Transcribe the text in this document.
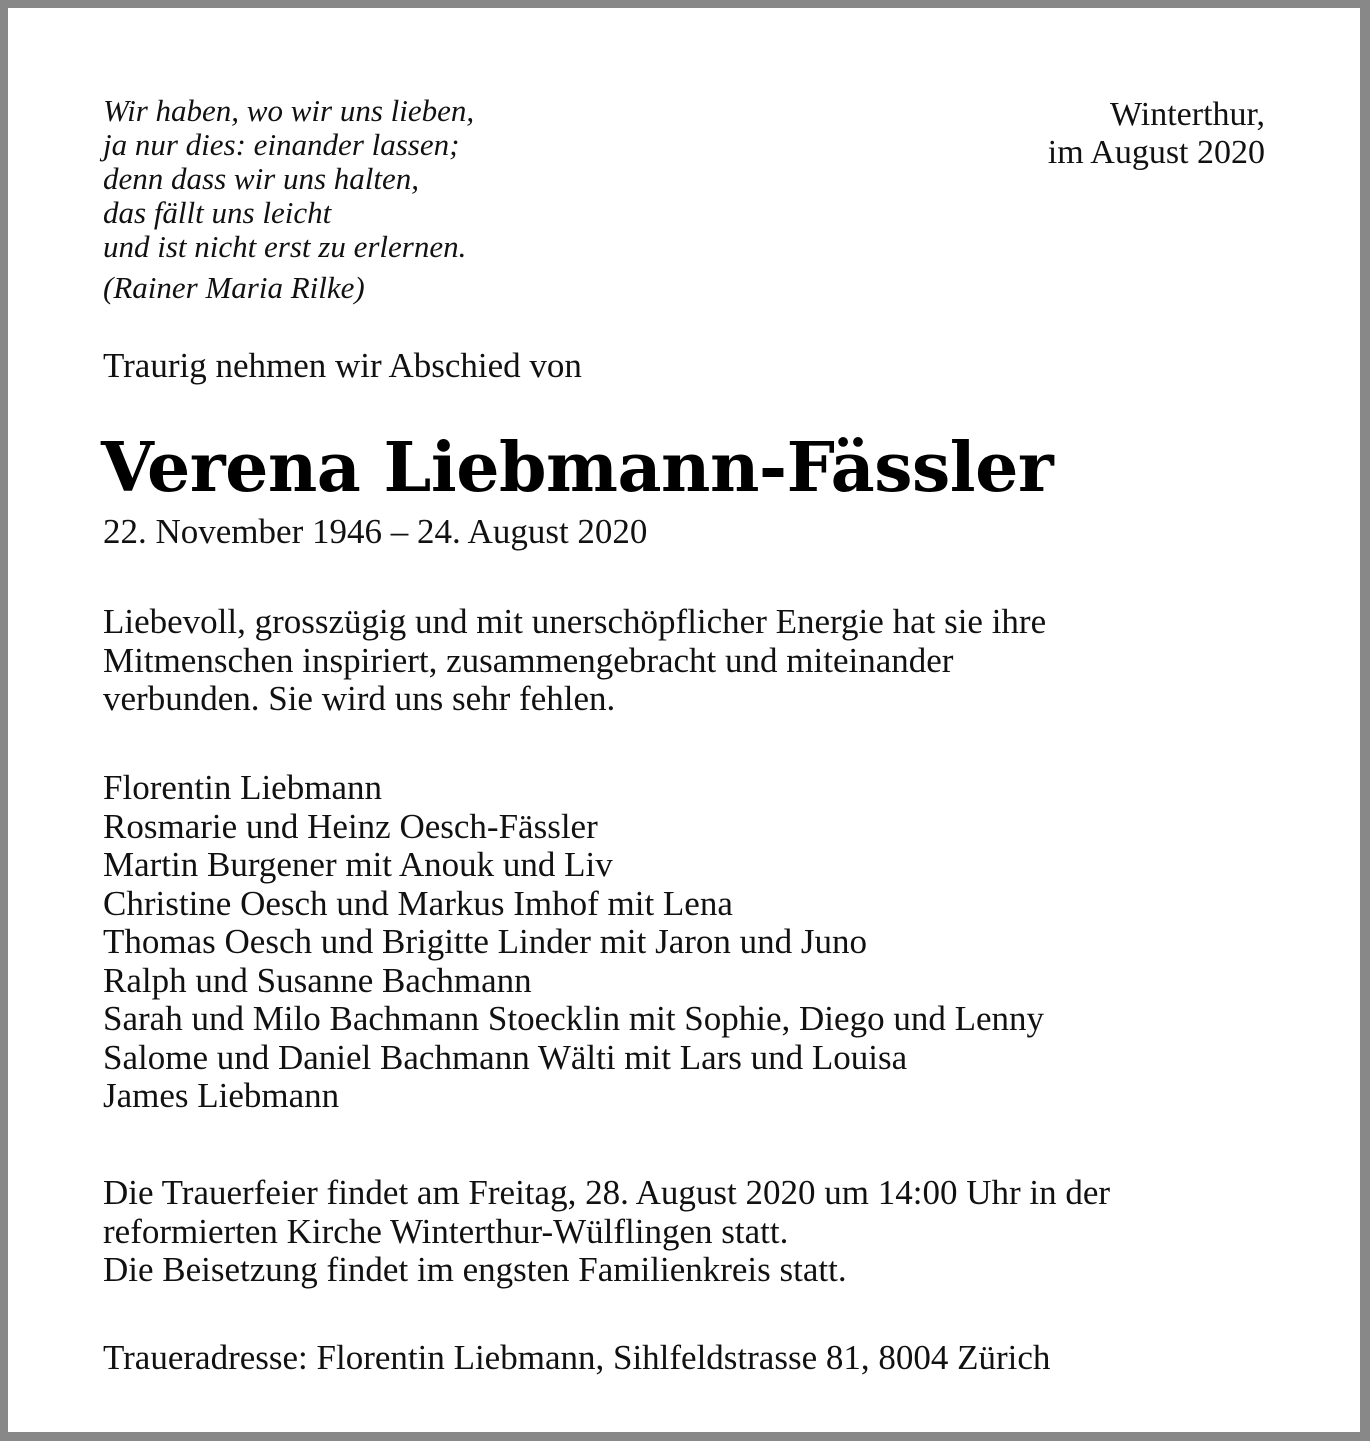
Wir haben, wo wir uns lieben,
ja nur dies: einander lassen;
denn dass wir uns halten,
das fällt uns leicht
und ist nicht erst zu erlernen.
(Rainer Maria Rilke)
Winterthur,
im August 2020
Traurig nehmen wir Abschied von
Verena Liebmann-Fässler
22. November 1946 – 24. August 2020
Liebevoll, grosszügig und mit unerschöpflicher Energie hat sie ihre
Mitmenschen inspiriert, zusammengebracht und miteinander
verbunden. Sie wird uns sehr fehlen.
Florentin Liebmann
Rosmarie und Heinz Oesch-Fässler
Martin Burgener mit Anouk und Liv
Christine Oesch und Markus Imhof mit Lena
Thomas Oesch und Brigitte Linder mit Jaron und Juno
Ralph und Susanne Bachmann
Sarah und Milo Bachmann Stoecklin mit Sophie, Diego und Lenny
Salome und Daniel Bachmann Wälti mit Lars und Louisa
James Liebmann
Die Trauerfeier findet am Freitag, 28. August 2020 um 14:00 Uhr in der
reformierten Kirche Winterthur-Wülflingen statt.
Die Beisetzung findet im engsten Familienkreis statt.
Traueradresse: Florentin Liebmann, Sihlfeldstrasse 81, 8004 Zürich
